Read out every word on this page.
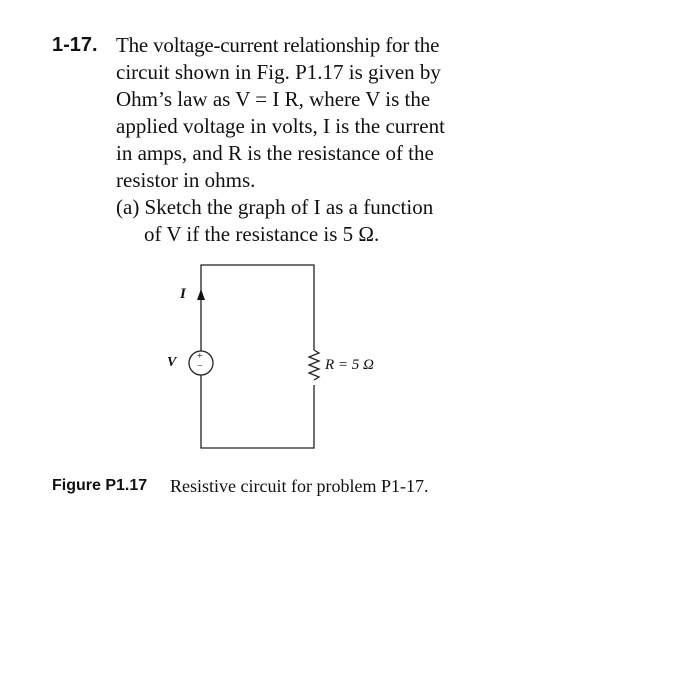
1-17. The voltage-current relationship for the
circuit shown in Fig. P1.17 is given by
Ohm’s law as V = I R, where V is the
applied voltage in volts, I is the current
in amps, and R is the resistance of the
resistor in ohms.
(a) Sketch the graph of I as a function
of V if the resistance is 5 Ω.
I
V +
−	R = 5 Ω
Figure P1.17 Resistive circuit for problem P1-17.
